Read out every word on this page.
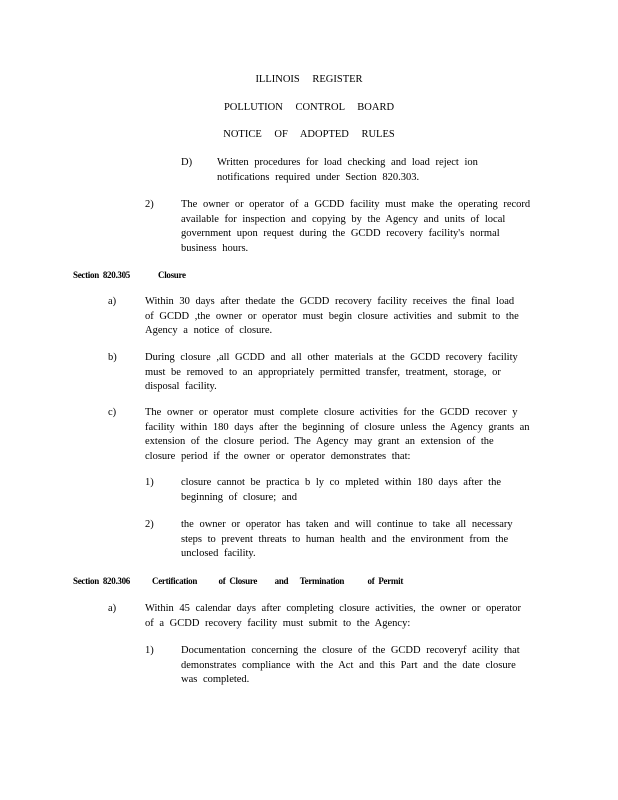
ILLINOIS REGISTER
POLLUTION CONTROL BOARD
NOTICE OF ADOPTED RULES
D) Written procedures for load checking and load reject ion
notifications required under Section 820.303.
2)	The owner or operator of a GCDD facility must make the operating record
available for inspection and copying by the Agency and units of local
government upon request during the GCDD recovery facility's normal
business hours.
Section 820.305	Closure
a)	Within 30 days after thedate the GCDD recovery facility receives the final load
of GCDD ,the owner or operator must begin closure activities and submit to the
Agency a notice of closure.
b)	During closure ,all GCDD and all other materials at the GCDD recovery facility
must be removed to an appropriately permitted transfer, treatment, storage, or
disposal facility.
c)	The owner or operator must complete closure activities for the GCDD recover y
facility within 180 days after the beginning of closure unless the Agency grants an
extension of the closure period. The Agency may grant an extension of the
closure period if the owner or operator demonstrates that:
1)	closure cannot be practica b ly co mpleted within 180 days after the
beginning of closure; and
2)	the owner or operator has taken and will continue to take all necessary
steps to prevent threats to human health and the environment from the
unclosed facility.
Section 820.306 Certification           of  Closure         and      Termination            of  Permit
a)	Within 45 calendar days after completing closure activities, the owner or operator
of a GCDD recovery facility must submit to the Agency:
1)	Documentation concerning the closure of the GCDD recoveryf acility that
demonstrates compliance with the Act and this Part and the date closure
was completed.
